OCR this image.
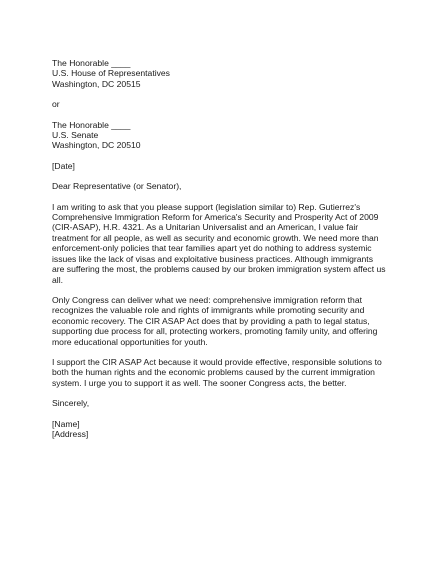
The Honorable ____
U.S. House of Representatives
Washington, DC 20515
or
The Honorable ____
U.S. Senate
Washington, DC 20510
[Date]
Dear Representative (or Senator),
I am writing to ask that you please support (legislation similar to) Rep. Gutierrez's
Comprehensive Immigration Reform for America's Security and Prosperity Act of 2009
(CIR-ASAP), H.R. 4321. As a Unitarian Universalist and an American, I value fair
treatment for all people, as well as security and economic growth. We need more than
enforcement-only policies that tear families apart yet do nothing to address systemic
issues like the lack of visas and exploitative business practices. Although immigrants
are suffering the most, the problems caused by our broken immigration system affect us
all.
Only Congress can deliver what we need: comprehensive immigration reform that
recognizes the valuable role and rights of immigrants while promoting security and
economic recovery. The CIR ASAP Act does that by providing a path to legal status,
supporting due process for all, protecting workers, promoting family unity, and offering
more educational opportunities for youth.
I support the CIR ASAP Act because it would provide effective, responsible solutions to
both the human rights and the economic problems caused by the current immigration
system. I urge you to support it as well. The sooner Congress acts, the better.
Sincerely,
[Name]
[Address]
